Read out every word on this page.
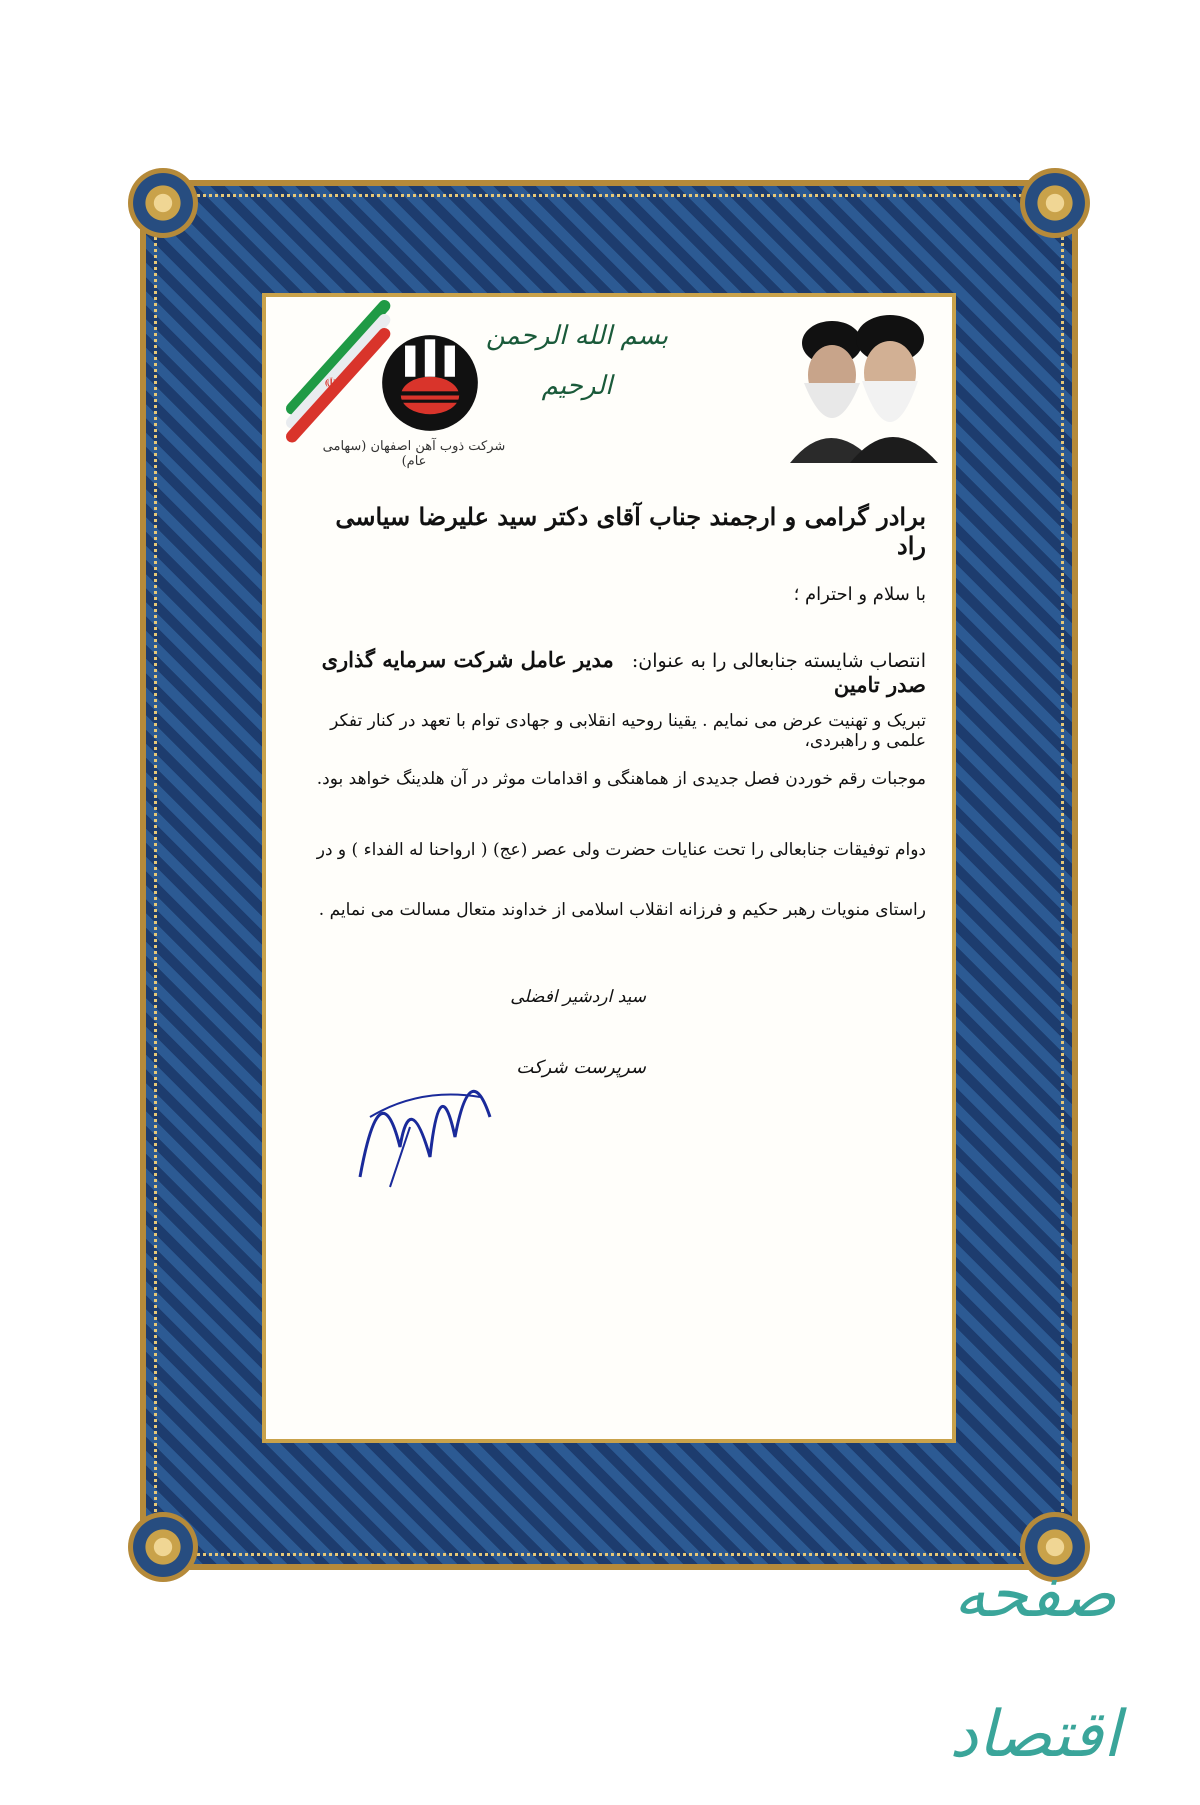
☫
شرکت ذوب آهن اصفهان (سهامی عام)
بسم الله الرحمن الرحیم
برادر گرامی و ارجمند جناب آقای دکتر سید علیرضا سیاسی راد
با سلام و احترام ؛
انتصاب شایسته جنابعالی را به عنوان:   مدیر عامل شرکت سرمایه گذاری صدر تامین
تبریک و تهنیت عرض می نمایم . یقینا روحیه انقلابی و جهادی توام با تعهد در کنار تفکر علمی و راهبردی،
موجبات رقم خوردن فصل جدیدی از هماهنگی و اقدامات موثر در آن هلدینگ خواهد بود.
دوام توفیقات جنابعالی را تحت عنایات حضرت ولی عصر (عج) ( ارواحنا له الفداء ) و در
راستای منویات رهبر حکیم و فرزانه انقلاب اسلامی از خداوند متعال مسالت می نمایم .
سید اردشیر افضلی
سرپرست شرکت
صفحه اقتصاد
